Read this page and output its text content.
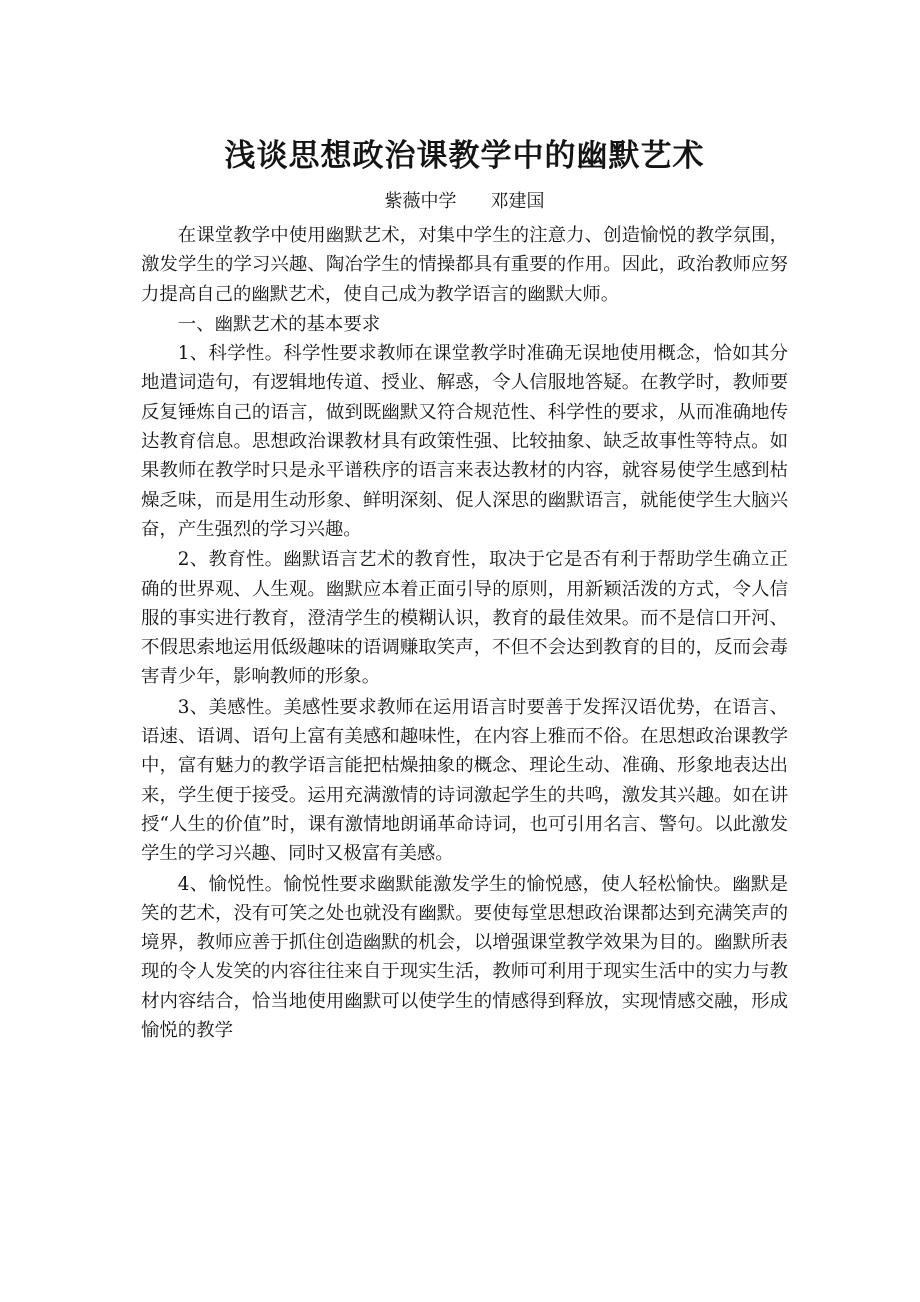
浅谈思想政治课教学中的幽默艺术
紫薇中学 邓建国

在课堂教学中使用幽默艺术，对集中学生的注意力、创造愉悦的教学氛围，激发学生的学习兴趣、陶冶学生的情操都具有重要的作用。因此，政治教师应努力提高自己的幽默艺术，使自己成为教学语言的幽默大师。

一、幽默艺术的基本要求

1、科学性。科学性要求教师在课堂教学时准确无误地使用概念，恰如其分地遣词造句，有逻辑地传道、授业、解惑，令人信服地答疑。在教学时，教师要反复锤炼自己的语言，做到既幽默又符合规范性、科学性的要求，从而准确地传达教育信息。思想政治课教材具有政策性强、比较抽象、缺乏故事性等特点。如果教师在教学时只是永平谱秩序的语言来表达教材的内容，就容易使学生感到枯燥乏味，而是用生动形象、鲜明深刻、促人深思的幽默语言，就能使学生大脑兴奋，产生强烈的学习兴趣。

2、教育性。幽默语言艺术的教育性，取决于它是否有利于帮助学生确立正确的世界观、人生观。幽默应本着正面引导的原则，用新颖活泼的方式，令人信服的事实进行教育，澄清学生的模糊认识，教育的最佳效果。而不是信口开河、不假思索地运用低级趣味的语调赚取笑声，不但不会达到教育的目的，反而会毒害青少年，影响教师的形象。

3、美感性。美感性要求教师在运用语言时要善于发挥汉语优势，在语言、语速、语调、语句上富有美感和趣味性，在内容上雅而不俗。在思想政治课教学中，富有魅力的教学语言能把枯燥抽象的概念、理论生动、准确、形象地表达出来，学生便于接受。运用充满激情的诗词激起学生的共鸣，激发其兴趣。如在讲授“人生的价值”时，课有激情地朗诵革命诗词，也可引用名言、警句。以此激发学生的学习兴趣、同时又极富有美感。

4、愉悦性。愉悦性要求幽默能激发学生的愉悦感，使人轻松愉快。幽默是笑的艺术，没有可笑之处也就没有幽默。要使每堂思想政治课都达到充满笑声的境界，教师应善于抓住创造幽默的机会，以增强课堂教学效果为目的。幽默所表现的令人发笑的内容往往来自于现实生活，教师可利用于现实生活中的实力与教材内容结合，恰当地使用幽默可以使学生的情感得到释放，实现情感交融，形成愉悦的教学
